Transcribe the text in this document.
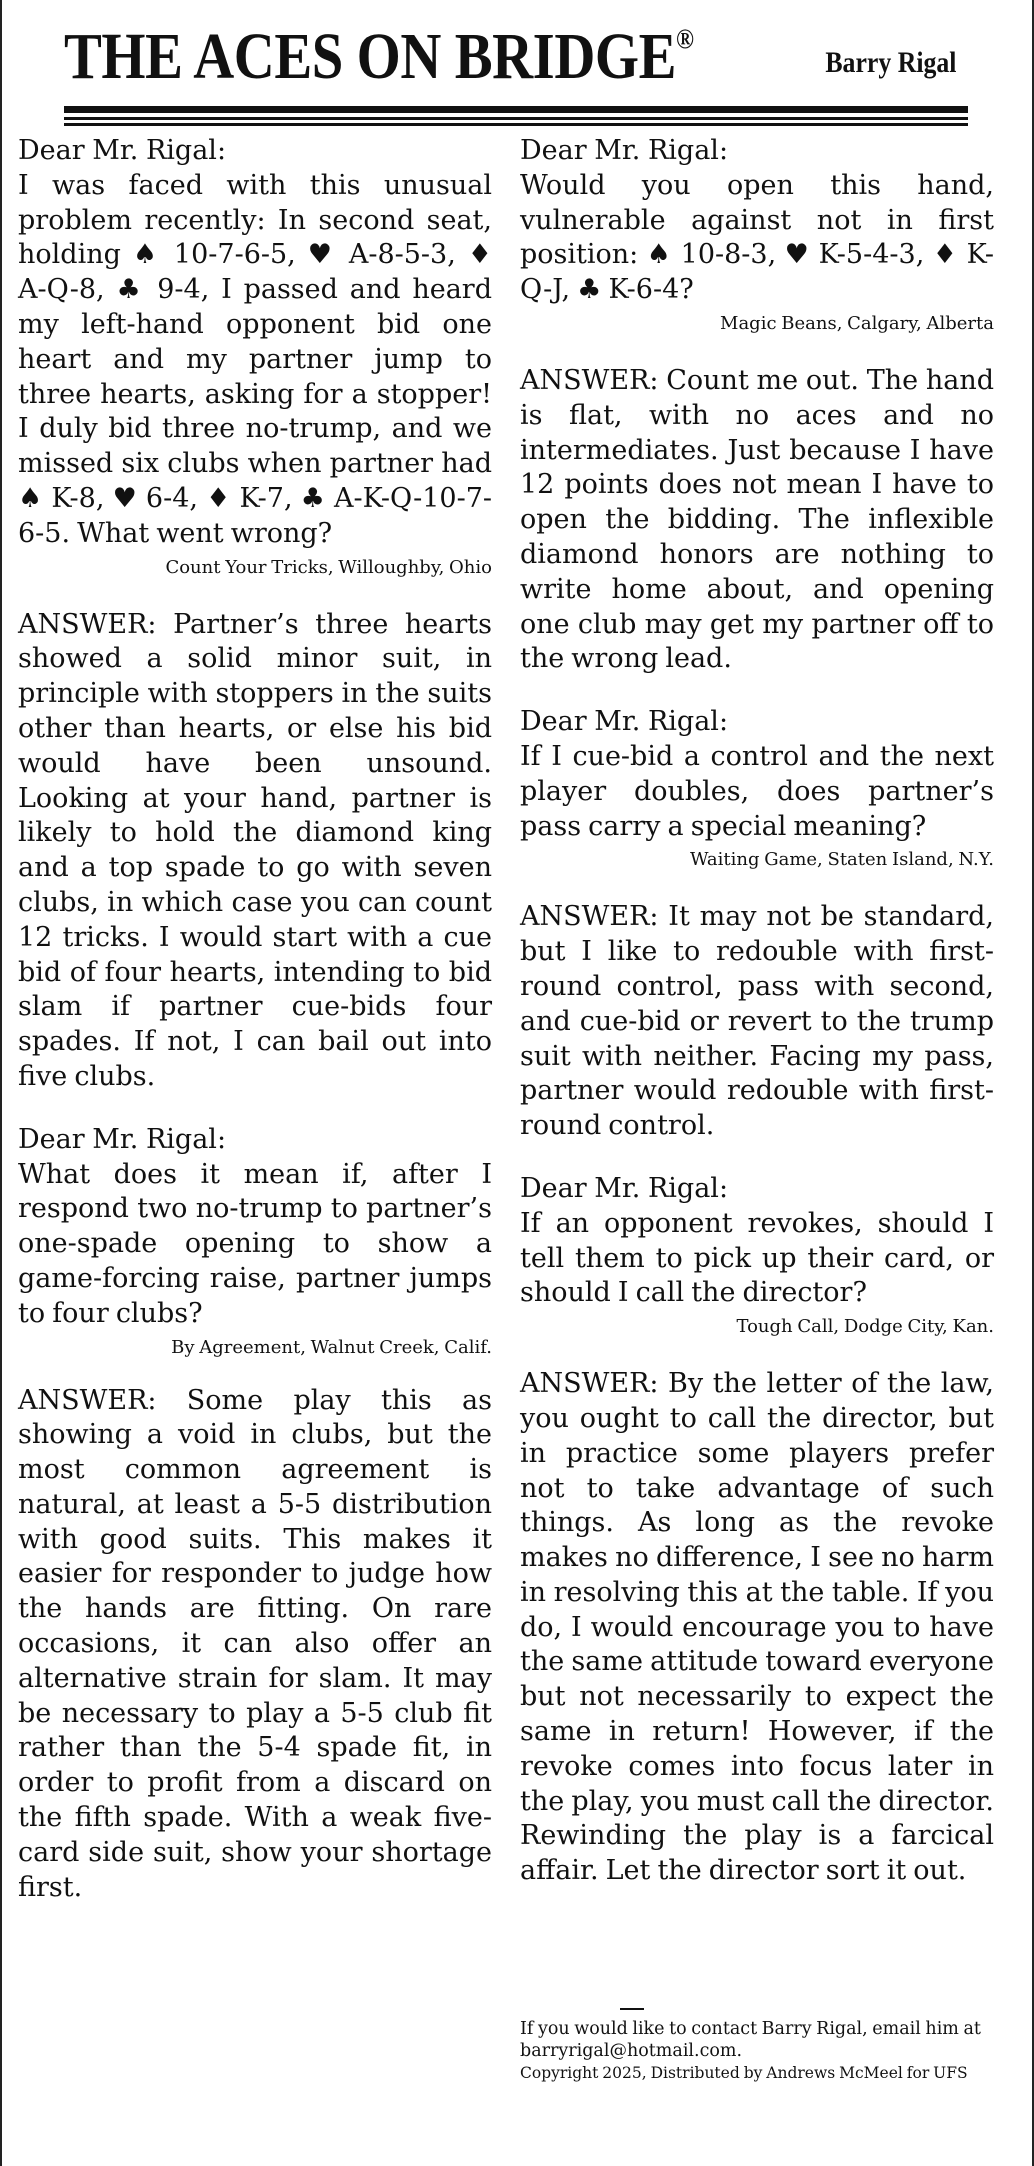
THE ACES ON BRIDGE®
Barry Rigal
Dear Mr. Rigal:
I was faced with this unusual problem recently: In second seat, holding ♠ 10-7-6-5, ♥ A-8-5-3, ♦ A-Q-8, ♣ 9-4, I passed and heard my left-hand opponent bid one heart and my partner jump to three hearts, asking for a stopper! I duly bid three no-trump, and we missed six clubs when partner had ♠ K-8, ♥ 6-4, ♦ K-7, ♣ A-K-Q-10-7-6-5. What went wrong?
Count Your Tricks, Willoughby, Ohio
ANSWER: Partner’s three hearts showed a solid minor suit, in principle with stoppers in the suits other than hearts, or else his bid would have been unsound. Looking at your hand, partner is likely to hold the diamond king and a top spade to go with seven clubs, in which case you can count 12 tricks. I would start with a cue bid of four hearts, intending to bid slam if partner cue-bids four spades. If not, I can bail out into five clubs.
Dear Mr. Rigal:
What does it mean if, after I respond two no-trump to partner’s one-spade opening to show a game-forcing raise, partner jumps to four clubs?
By Agreement, Walnut Creek, Calif.
ANSWER: Some play this as showing a void in clubs, but the most common agreement is natural, at least a 5-5 distribution with good suits. This makes it easier for responder to judge how the hands are fitting. On rare occasions, it can also offer an alternative strain for slam. It may be necessary to play a 5-5 club fit rather than the 5-4 spade fit, in order to profit from a discard on the fifth spade. With a weak five-card side suit, show your shortage first.
Dear Mr. Rigal:
Would you open this hand, vulnerable against not in first position: ♠ 10-8-3, ♥ K-5-4-3, ♦ K-Q-J, ♣ K-6-4?
Magic Beans, Calgary, Alberta
ANSWER: Count me out. The hand is flat, with no aces and no intermediates. Just because I have 12 points does not mean I have to open the bidding. The inflexible diamond honors are nothing to write home about, and opening one club may get my partner off to the wrong lead.
Dear Mr. Rigal:
If I cue-bid a control and the next player doubles, does partner’s pass carry a special meaning?
Waiting Game, Staten Island, N.Y.
ANSWER: It may not be standard, but I like to redouble with first-round control, pass with second, and cue-bid or revert to the trump suit with neither. Facing my pass, partner would redouble with first-round control.
Dear Mr. Rigal:
If an opponent revokes, should I tell them to pick up their card, or should I call the director?
Tough Call, Dodge City, Kan.
ANSWER: By the letter of the law, you ought to call the director, but in practice some players prefer not to take advantage of such things. As long as the revoke makes no difference, I see no harm in resolving this at the table. If you do, I would encourage you to have the same attitude toward everyone but not necessarily to expect the same in return! However, if the revoke comes into focus later in the play, you must call the director. Rewinding the play is a farcical affair. Let the director sort it out.
If you would like to contact Barry Rigal, email him at barryrigal@hotmail.com.
Copyright 2025, Distributed by Andrews McMeel for UFS
